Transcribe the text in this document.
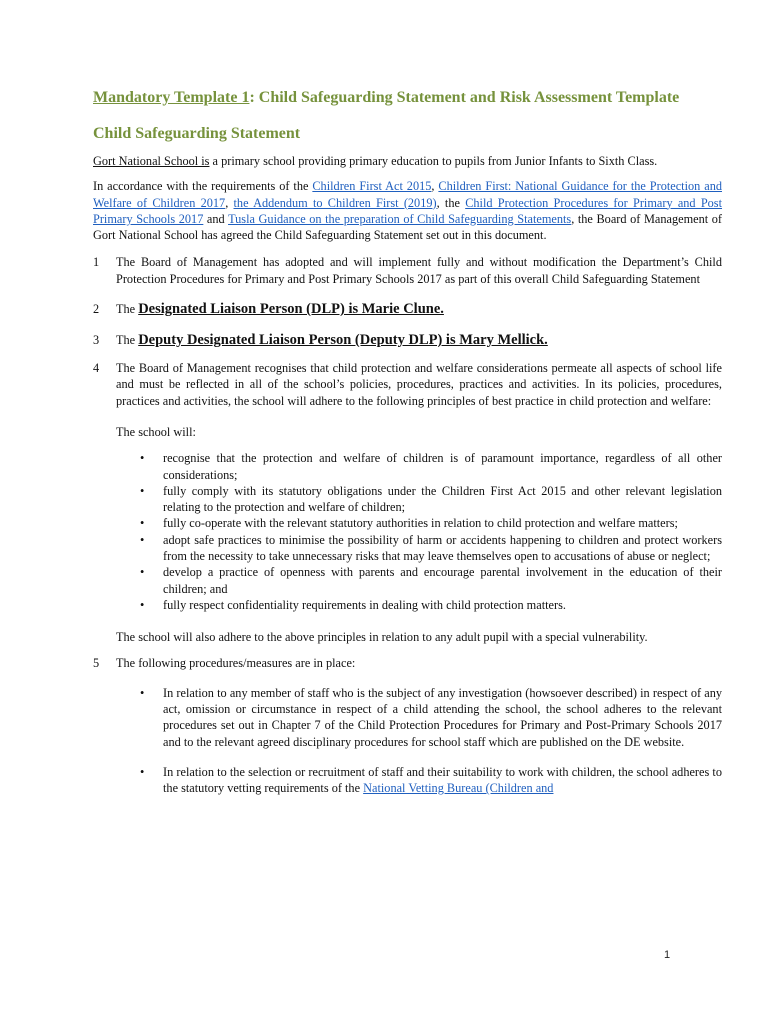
Mandatory Template 1: Child Safeguarding Statement and Risk Assessment Template
Child Safeguarding Statement

Gort National School is a primary school providing primary education to pupils from Junior Infants to Sixth Class.

In accordance with the requirements of the Children First Act 2015, Children First: National Guidance for the Protection and Welfare of Children 2017, the Addendum to Children First (2019), the Child Protection Procedures for Primary and Post Primary Schools 2017 and Tusla Guidance on the preparation of Child Safeguarding Statements, the Board of Management of Gort National School has agreed the Child Safeguarding Statement set out in this document.

1	The Board of Management has adopted and will implement fully and without modification the Department’s Child Protection Procedures for Primary and Post Primary Schools 2017 as part of this overall Child Safeguarding Statement
2	The Designated Liaison Person (DLP) is Marie Clune.
3	The Deputy Designated Liaison Person (Deputy DLP) is Mary Mellick.
4	The Board of Management recognises that child protection and welfare considerations permeate all aspects of school life and must be reflected in all of the school’s policies, procedures, practices and activities. In its policies, procedures, practices and activities, the school will adhere to the following principles of best practice in child protection and welfare:

The school will:

• recognise that the protection and welfare of children is of paramount importance, regardless of all other considerations;
• fully comply with its statutory obligations under the Children First Act 2015 and other relevant legislation relating to the protection and welfare of children;
• fully co-operate with the relevant statutory authorities in relation to child protection and welfare matters;
• adopt safe practices to minimise the possibility of harm or accidents happening to children and protect workers from the necessity to take unnecessary risks that may leave themselves open to accusations of abuse or neglect;
• develop a practice of openness with parents and encourage parental involvement in the education of their children; and
• fully respect confidentiality requirements in dealing with child protection matters.

The school will also adhere to the above principles in relation to any adult pupil with a special vulnerability.

5	The following procedures/measures are in place:

• In relation to any member of staff who is the subject of any investigation (howsoever described) in respect of any act, omission or circumstance in respect of a child attending the school, the school adheres to the relevant procedures set out in Chapter 7 of the Child Protection Procedures for Primary and Post-Primary Schools 2017 and to the relevant agreed disciplinary procedures for school staff which are published on the DE website.
• In relation to the selection or recruitment of staff and their suitability to work with children, the school adheres to the statutory vetting requirements of the National Vetting Bureau (Children and
1
